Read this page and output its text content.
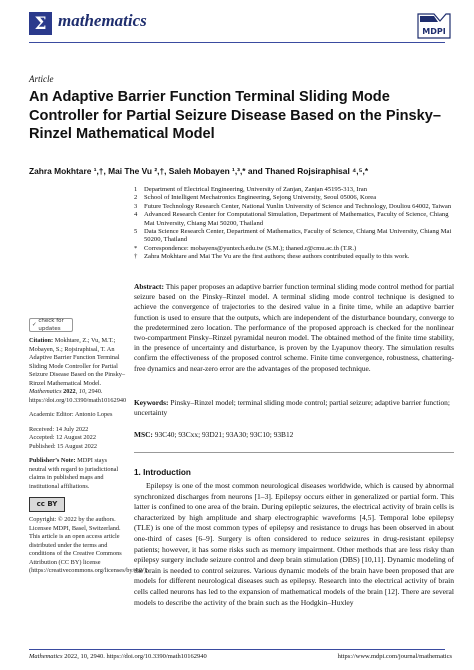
Σ mathematics
MDPI
Article
An Adaptive Barrier Function Terminal Sliding Mode Controller for Partial Seizure Disease Based on the Pinsky–Rinzel Mathematical Model
Zahra Mokhtare ¹,†, Mai The Vu ²,†, Saleh Mobayen ¹,³,* and Thaned Rojsiraphisal ⁴,⁵,*
1	Department of Electrical Engineering, University of Zanjan, Zanjan 45195-313, Iran
2	School of Intelligent Mechatronics Engineering, Sejong University, Seoul 05006, Korea
3	Future Technology Research Center, National Yunlin University of Science and Technology, Douliou 64002, Taiwan
4	Advanced Research Center for Computational Simulation, Department of Mathematics, Faculty of Science, Chiang Mai University, Chiang Mai 50200, Thailand
5	Data Science Research Center, Department of Mathematics, Faculty of Science, Chiang Mai University, Chiang Mai 50200, Thailand
*	Correspondence: mobayens@yuntech.edu.tw (S.M.); thaned.r@cmu.ac.th (T.R.)
†	Zahra Mokhtare and Mai The Vu are the first authors; these authors contributed equally to this work.
✓
check for updates

Citation: Mokhtare, Z.; Vu, M.T.; Mobayen, S.; Rojsiraphisal, T. An Adaptive Barrier Function Terminal Sliding Mode Controller for Partial Seizure Disease Based on the Pinsky–Rinzel Mathematical Model. Mathematics 2022, 10, 2940. https://doi.org/10.3390/math10162940

Academic Editor: Antonio Lopes

Received: 14 July 2022

Accepted: 12 August 2022

Published: 15 August 2022

Publisher’s Note: MDPI stays neutral with regard to jurisdictional claims in published maps and institutional affiliations.

cc BY

Copyright: © 2022 by the authors. Licensee MDPI, Basel, Switzerland. This article is an open access article distributed under the terms and conditions of the Creative Commons Attribution (CC BY) license (https://creativecommons.org/licenses/by/4.0/).

Abstract: This paper proposes an adaptive barrier function terminal sliding mode control method for partial seizure based on the Pinsky–Rinzel model. A terminal sliding mode control technique is designed to achieve the convergence of trajectories to the desired value in a finite time, while an adaptive barrier function is used to ensure that the outputs, which are independent of the disturbance boundary, converge to the predetermined zero location. The performance of the proposed approach is checked for the nonlinear two-compartment Pinsky–Rinzel pyramidal neuron model. The obtained method of the finite time stability, in the presence of uncertainty and disturbance, is proven by the Lyapunov theory. The simulation results confirm the effectiveness of the proposed control scheme. Finite time convergence, robustness, chattering-free dynamics and near-zero error are the advantages of the proposed technique.
Keywords: Pinsky–Rinzel model; terminal sliding mode control; partial seizure; adaptive barrier function; uncertainty
MSC: 93C40; 93Cxx; 93D21; 93A30; 93C10; 93B12
1. Introduction

Epilepsy is one of the most common neurological diseases worldwide, which is caused by abnormal synchronized discharges from neurons [1–3]. Epilepsy occurs either in generalized or partial form. This latter is confined to one area of the brain. During epileptic seizures, the electrical activity of brain cells is characterized by high amplitude and sharp electrographic waveforms [4,5]. Temporal lobe epilepsy (TLE) is one of the most common types of epilepsy and resistance to drugs has been observed in about one-third of cases [6–9]. Surgery is often considered to reduce seizures in drug-resistant epilepsy patients; however, it has some risks such as memory impairment. Other methods that are less risky than epilepsy surgery include seizure control and deep brain stimulation (DBS) [10,11]. Dynamic modeling of the brain is needed to control seizures. Various dynamic models of the brain have been proposed that are models for different neurological diseases such as epilepsy. Research into the electrical activity of brain cells called neurons has led to the expansion of mathematical models of the brain [12]. There are several models to describe the activity of the brain such as the Hodgkin–Huxley

Mathematics 2022, 10, 2940. https://doi.org/10.3390/math10162940	https://www.mdpi.com/journal/mathematics
